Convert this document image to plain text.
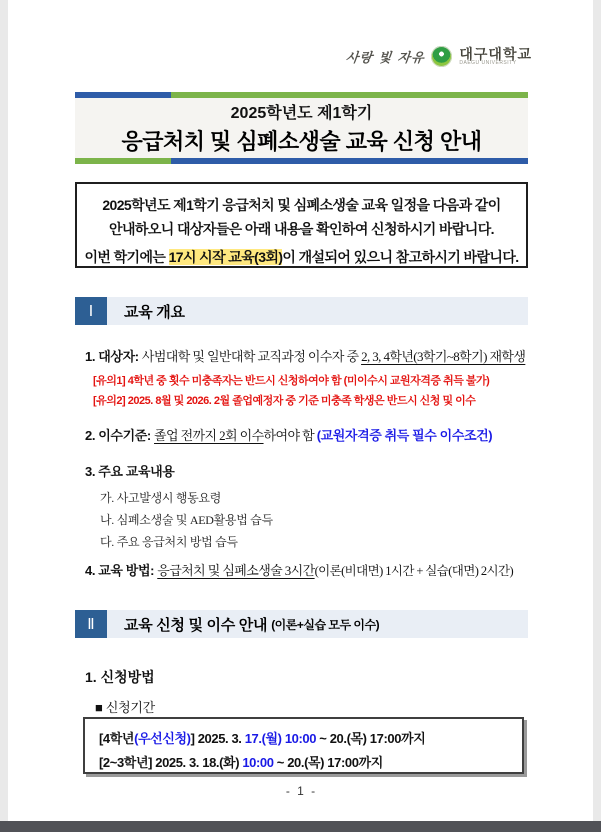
사랑 빛 자유 대구대학교
DAEGU UNIVERSITY
2025학년도 제1학기
응급처치 및 심폐소생술 교육 신청 안내

2025학년도 제1학기 응급처치 및 심폐소생술 교육 일정을 다음과 같이

안내하오니 대상자들은 아래 내용을 확인하여 신청하시기 바랍니다.

이번 학기에는 17시 시작 교육(3회)이 개설되어 있으니 참고하시기 바랍니다.

Ⅰ	교육 개요
1. 대상자: 사범대학 및 일반대학 교직과정 이수자 중 2, 3, 4학년(3학기~8학기) 재학생
[유의1] 4학년 중 횟수 미충족자는 반드시 신청하여야 함 (미이수시 교원자격증 취득 불가)
[유의2] 2025. 8월 및 2026. 2월 졸업예정자 중 기준 미충족 학생은 반드시 신청 및 이수
2. 이수기준: 졸업 전까지 2회 이수하여야 함 (교원자격증 취득 필수 이수조건)
3. 주요 교육내용
가. 사고발생시 행동요령
나. 심폐소생술 및 AED활용법 습득
다. 주요 응급처치 방법 습득
4. 교육 방법: 응급처치 및 심폐소생술 3시간(이론(비대면) 1시간 + 실습(대면) 2시간)
Ⅱ	교육 신청 및 이수 안내 (이론+실습 모두 이수)
1. 신청방법
■ 신청기간

[4학년(우선신청)] 2025. 3. 17.(월) 10:00 ~ 20.(목) 17:00까지

[2~3학년] 2025. 3. 18.(화) 10:00 ~ 20.(목) 17:00까지

- 1 -
